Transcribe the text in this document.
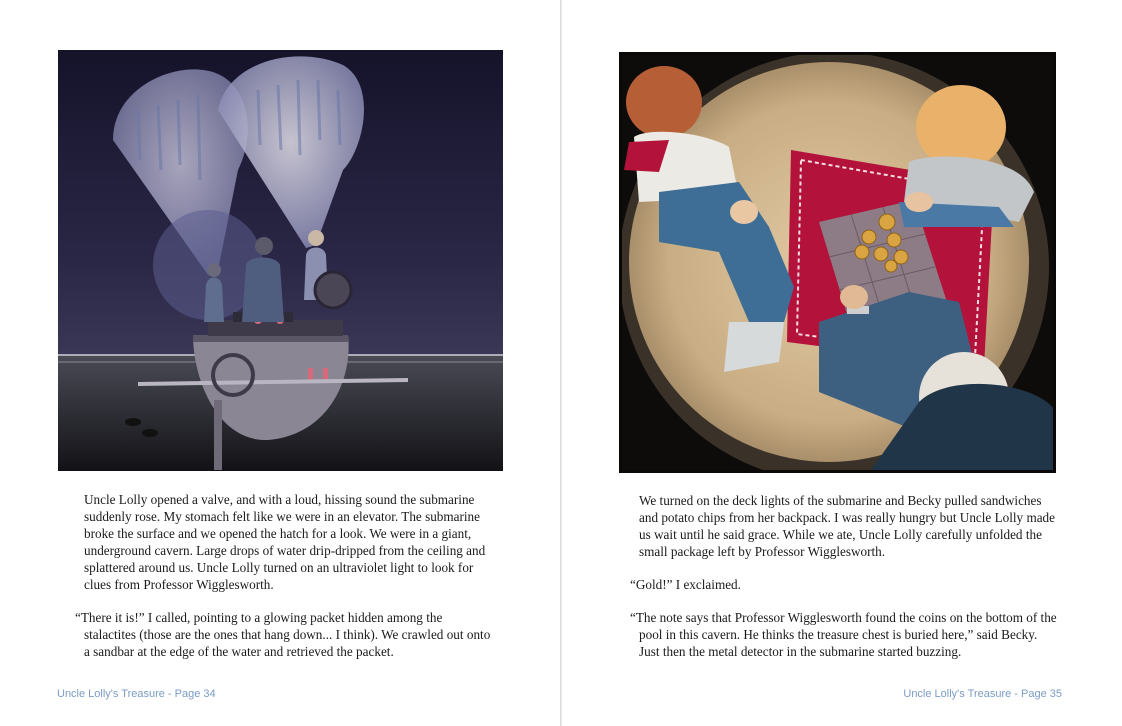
Uncle Lolly opened a valve, and with a loud, hissing sound the submarine suddenly rose. My stomach felt like we were in an elevator. The submarine broke the surface and we opened the hatch for a look. We were in a giant, underground cavern. Large drops of water drip-dripped from the ceiling and splattered around us. Uncle Lolly turned on an ultraviolet light to look for clues from Professor Wigglesworth.

“There it is!” I called, pointing to a glowing packet hidden among the stalactites (those are the ones that hang down... I think). We crawled out onto a sandbar at the edge of the water and retrieved the packet.

Uncle Lolly's Treasure - Page 34

We turned on the deck lights of the submarine and Becky pulled sandwiches and potato chips from her backpack. I was really hungry but Uncle Lolly made us wait until he said grace. While we ate, Uncle Lolly carefully unfolded the small package left by Professor Wigglesworth.

“Gold!” I exclaimed.

“The note says that Professor Wigglesworth found the coins on the bottom of the pool in this cavern. He thinks the treasure chest is buried here,” said Becky. Just then the metal detector in the submarine started buzzing.

Uncle Lolly's Treasure - Page 35
